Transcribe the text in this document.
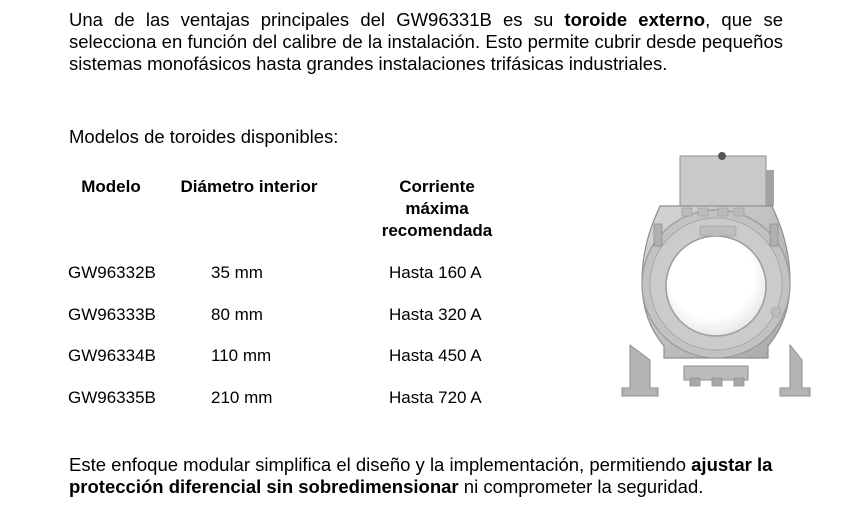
Una de las ventajas principales del GW96331B es su toroide externo, que se selecciona en función del calibre de la instalación. Esto permite cubrir desde pequeños sistemas monofásicos hasta grandes instalaciones trifásicas industriales.

Modelos de toroides disponibles:

Modelo	Diámetro interior	Corriente
máxima
recomendada
GW96332B	35 mm	Hasta 160 A
GW96333B	80 mm	Hasta 320 A
GW96334B	110 mm	Hasta 450 A
GW96335B	210 mm	Hasta 720 A

Este enfoque modular simplifica el diseño y la implementación, permitiendo ajustar la protección diferencial sin sobredimensionar ni comprometer la seguridad.
